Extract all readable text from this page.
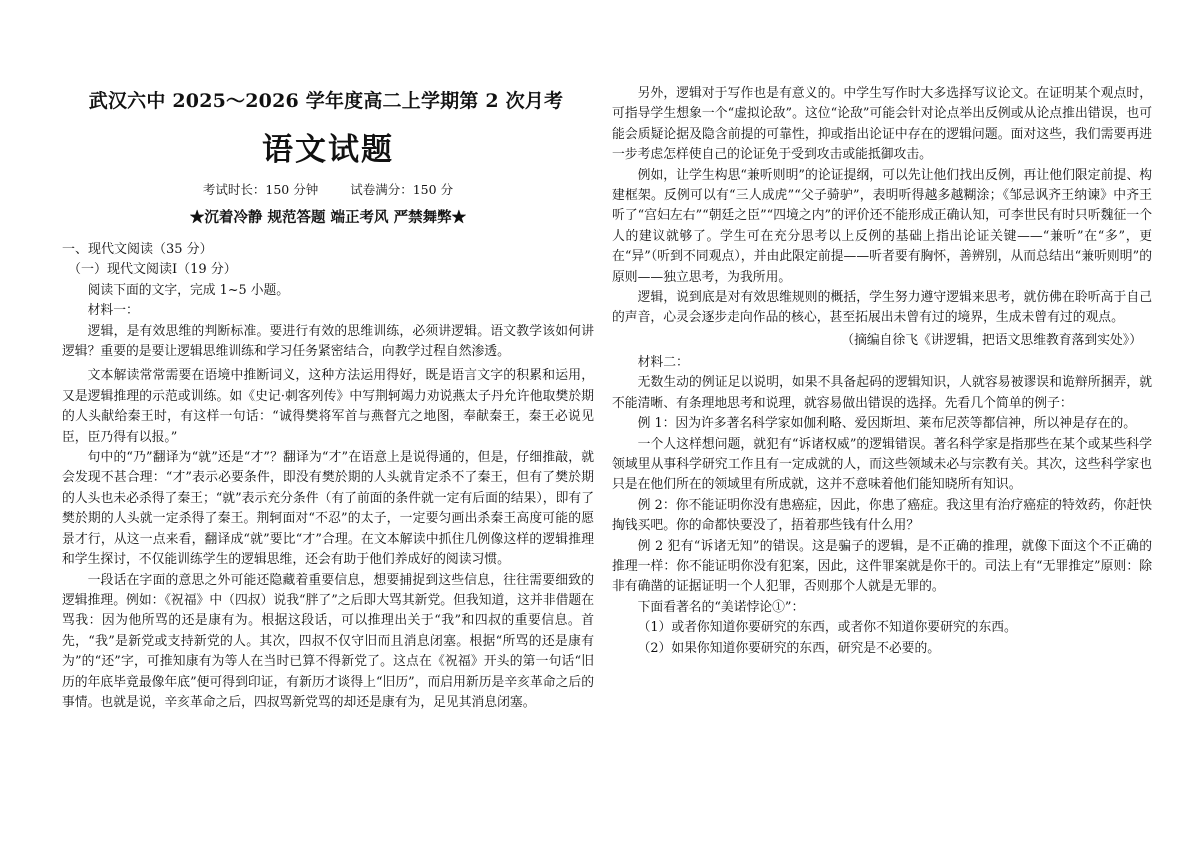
武汉六中 2025～2026 学年度高二上学期第 2 次月考
语文试题
考试时长：150 分钟	试卷满分：150 分
★沉着冷静 规范答题 端正考风 严禁舞弊★

一、现代文阅读（35 分）

（一）现代文阅读Ⅰ（19 分）

阅读下面的文字，完成 1~5 小题。

材料一：

逻辑，是有效思维的判断标准。要进行有效的思维训练，必须讲逻辑。语文教学该如何讲逻辑？重要的是要让逻辑思维训练和学习任务紧密结合，向教学过程自然渗透。

文本解读常常需要在语境中推断词义，这种方法运用得好，既是语言文字的积累和运用，又是逻辑推理的示范或训练。如《史记·刺客列传》中写荆轲竭力劝说燕太子丹允许他取樊於期的人头献给秦王时，有这样一句话：“诚得樊将军首与燕督亢之地图，奉献秦王，秦王必说见臣，臣乃得有以报。”

句中的“乃”翻译为“就”还是“才”？翻译为“才”在语意上是说得通的，但是，仔细推敲，就会发现不甚合理：“才”表示必要条件，即没有樊於期的人头就肯定杀不了秦王，但有了樊於期的人头也未必杀得了秦王；“就”表示充分条件（有了前面的条件就一定有后面的结果），即有了樊於期的人头就一定杀得了秦王。荆轲面对“不忍”的太子，一定要匀画出杀秦王高度可能的愿景才行，从这一点来看，翻译成“就”要比“才”合理。在文本解读中抓住几例像这样的逻辑推理和学生探讨，不仅能训练学生的逻辑思维，还会有助于他们养成好的阅读习惯。

一段话在字面的意思之外可能还隐藏着重要信息，想要捕捉到这些信息，往往需要细致的逻辑推理。例如：《祝福》中（四叔）说我“胖了”之后即大骂其新党。但我知道，这并非借题在骂我：因为他所骂的还是康有为。根据这段话，可以推理出关于“我”和四叔的重要信息。首先，“我”是新党或支持新党的人。其次，四叔不仅守旧而且消息闭塞。根据“所骂的还是康有为”的“还”字，可推知康有为等人在当时已算不得新党了。这点在《祝福》开头的第一句话“旧历的年底毕竟最像年底”便可得到印证，有新历才谈得上“旧历”，而启用新历是辛亥革命之后的事情。也就是说，辛亥革命之后，四叔骂新党骂的却还是康有为，足见其消息闭塞。

另外，逻辑对于写作也是有意义的。中学生写作时大多选择写议论文。在证明某个观点时，可指导学生想象一个“虚拟论敌”。这位“论敌”可能会针对论点举出反例或从论点推出错误，也可能会质疑论据及隐含前提的可靠性，抑或指出论证中存在的逻辑问题。面对这些，我们需要再进一步考虑怎样使自己的论证免于受到攻击或能抵御攻击。

例如，让学生构思“兼听则明”的论证提纲，可以先让他们找出反例，再让他们限定前提、构建框架。反例可以有“三人成虎”“父子骑驴”，表明听得越多越糊涂；《邹忌讽齐王纳谏》中齐王听了“宫妇左右”“朝廷之臣”“四境之内”的评价还不能形成正确认知，可李世民有时只听魏征一个人的建议就够了。学生可在充分思考以上反例的基础上指出论证关键——“兼听”在“多”，更在“异”（听到不同观点），并由此限定前提——听者要有胸怀，善辨别，从而总结出“兼听则明”的原则——独立思考，为我所用。

逻辑，说到底是对有效思维规则的概括，学生努力遵守逻辑来思考，就仿佛在聆听高于自己的声音，心灵会逐步走向作品的核心，甚至拓展出未曾有过的境界，生成未曾有过的观点。

（摘编自徐飞《讲逻辑，把语文思维教育落到实处》）

材料二：

无数生动的例证足以说明，如果不具备起码的逻辑知识，人就容易被谬误和诡辩所捆弄，就不能清晰、有条理地思考和说理，就容易做出错误的选择。先看几个简单的例子：

例 1：因为许多著名科学家如伽利略、爱因斯坦、莱布尼茨等都信神，所以神是存在的。

一个人这样想问题，就犯有“诉诸权威”的逻辑错误。著名科学家是指那些在某个或某些科学领域里从事科学研究工作且有一定成就的人，而这些领域未必与宗教有关。其次，这些科学家也只是在他们所在的领域里有所成就，这并不意味着他们能知晓所有知识。

例 2：你不能证明你没有患癌症，因此，你患了癌症。我这里有治疗癌症的特效药，你赶快掏钱买吧。你的命都快要没了，捂着那些钱有什么用？

例 2 犯有“诉诸无知”的错误。这是骗子的逻辑，是不正确的推理，就像下面这个不正确的推理一样：你不能证明你没有犯案，因此，这件罪案就是你干的。司法上有“无罪推定”原则：除非有确凿的证据证明一个人犯罪，否则那个人就是无罪的。

下面看著名的“美诺悖论①”：

（1）或者你知道你要研究的东西，或者你不知道你要研究的东西。

（2）如果你知道你要研究的东西，研究是不必要的。
